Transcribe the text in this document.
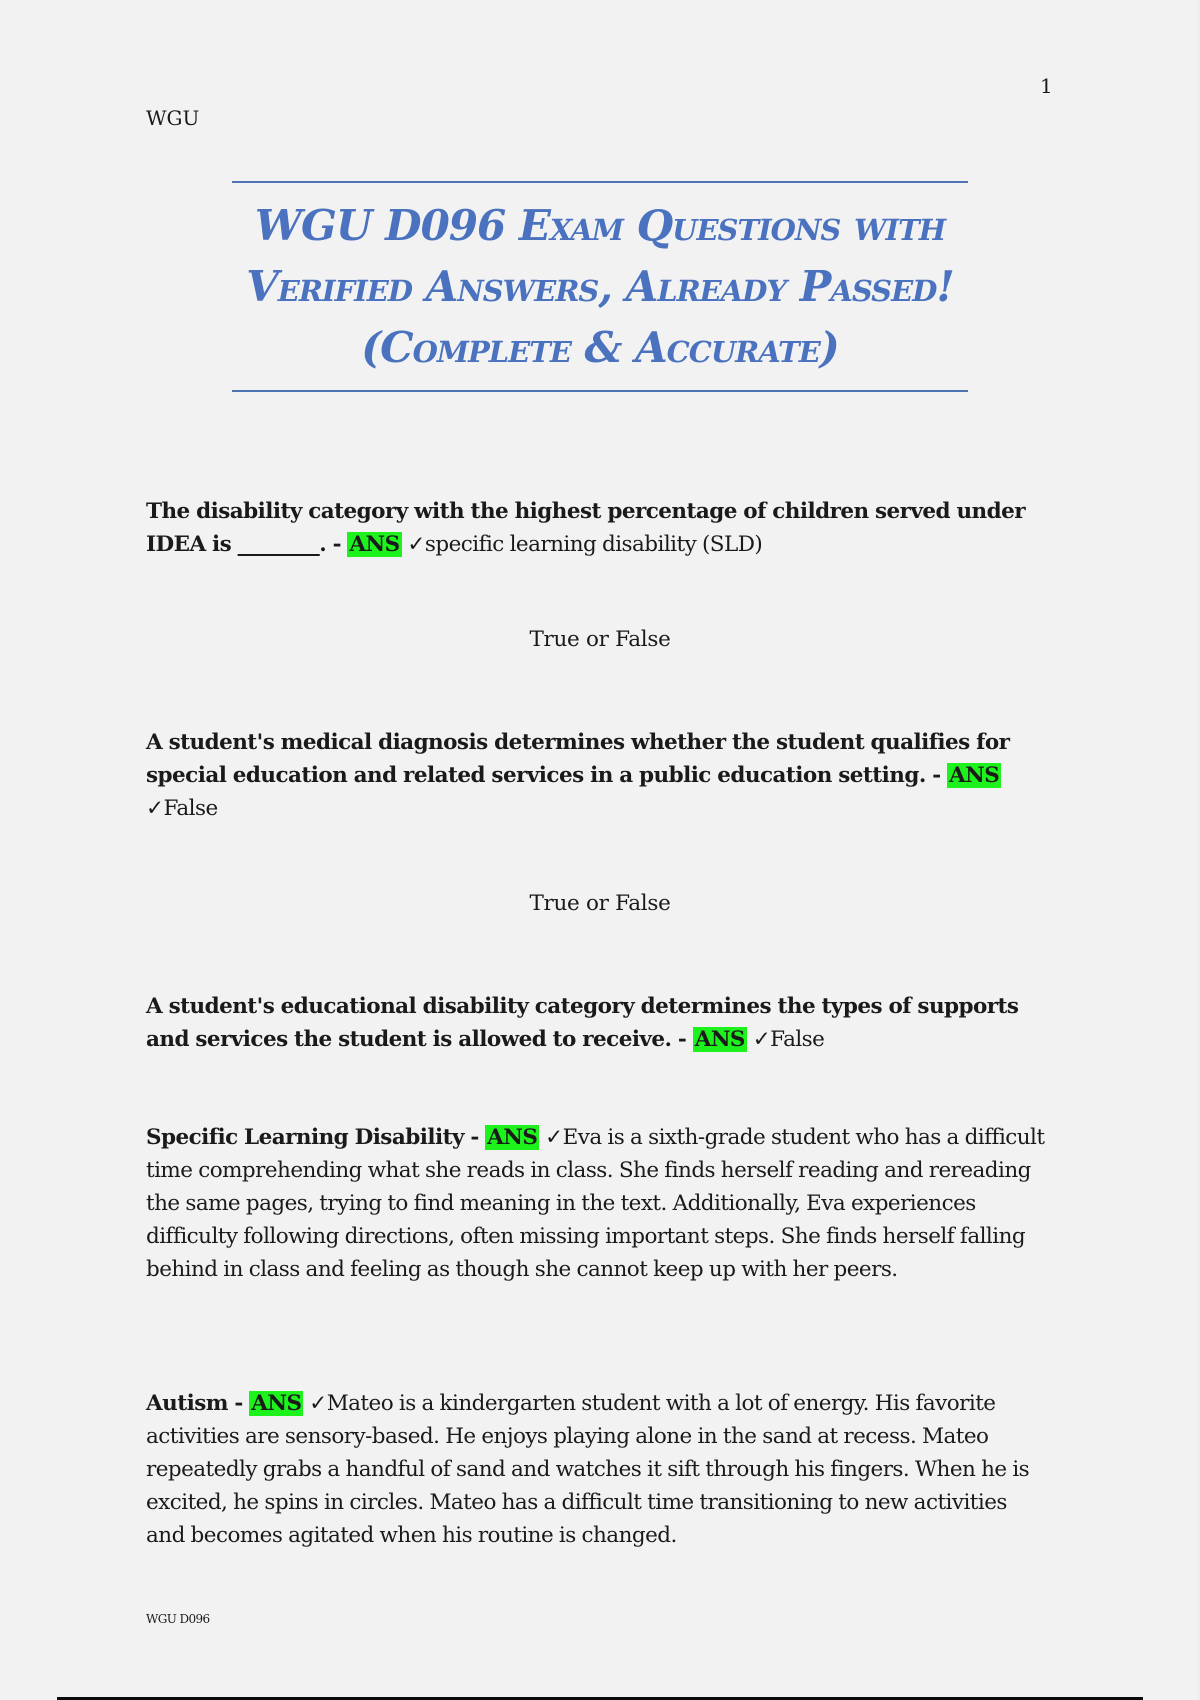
1
WGU
WGU D096 Exam Questions with
Verified Answers, Already Passed!
(Complete & Accurate)
The disability category with the highest percentage of children served under IDEA is ________. - ANS ✓specific learning disability (SLD)
True or False
A student's medical diagnosis determines whether the student qualifies for special education and related services in a public education setting. - ANS ✓False
True or False
A student's educational disability category determines the types of supports and services the student is allowed to receive. - ANS ✓False
Specific Learning Disability - ANS ✓Eva is a sixth-grade student who has a difficult time comprehending what she reads in class. She finds herself reading and rereading the same pages, trying to find meaning in the text. Additionally, Eva experiences difficulty following directions, often missing important steps. She finds herself falling behind in class and feeling as though she cannot keep up with her peers.
Autism - ANS ✓Mateo is a kindergarten student with a lot of energy. His favorite activities are sensory-based. He enjoys playing alone in the sand at recess. Mateo repeatedly grabs a handful of sand and watches it sift through his fingers. When he is excited, he spins in circles. Mateo has a difficult time transitioning to new activities and becomes agitated when his routine is changed.
WGU D096
